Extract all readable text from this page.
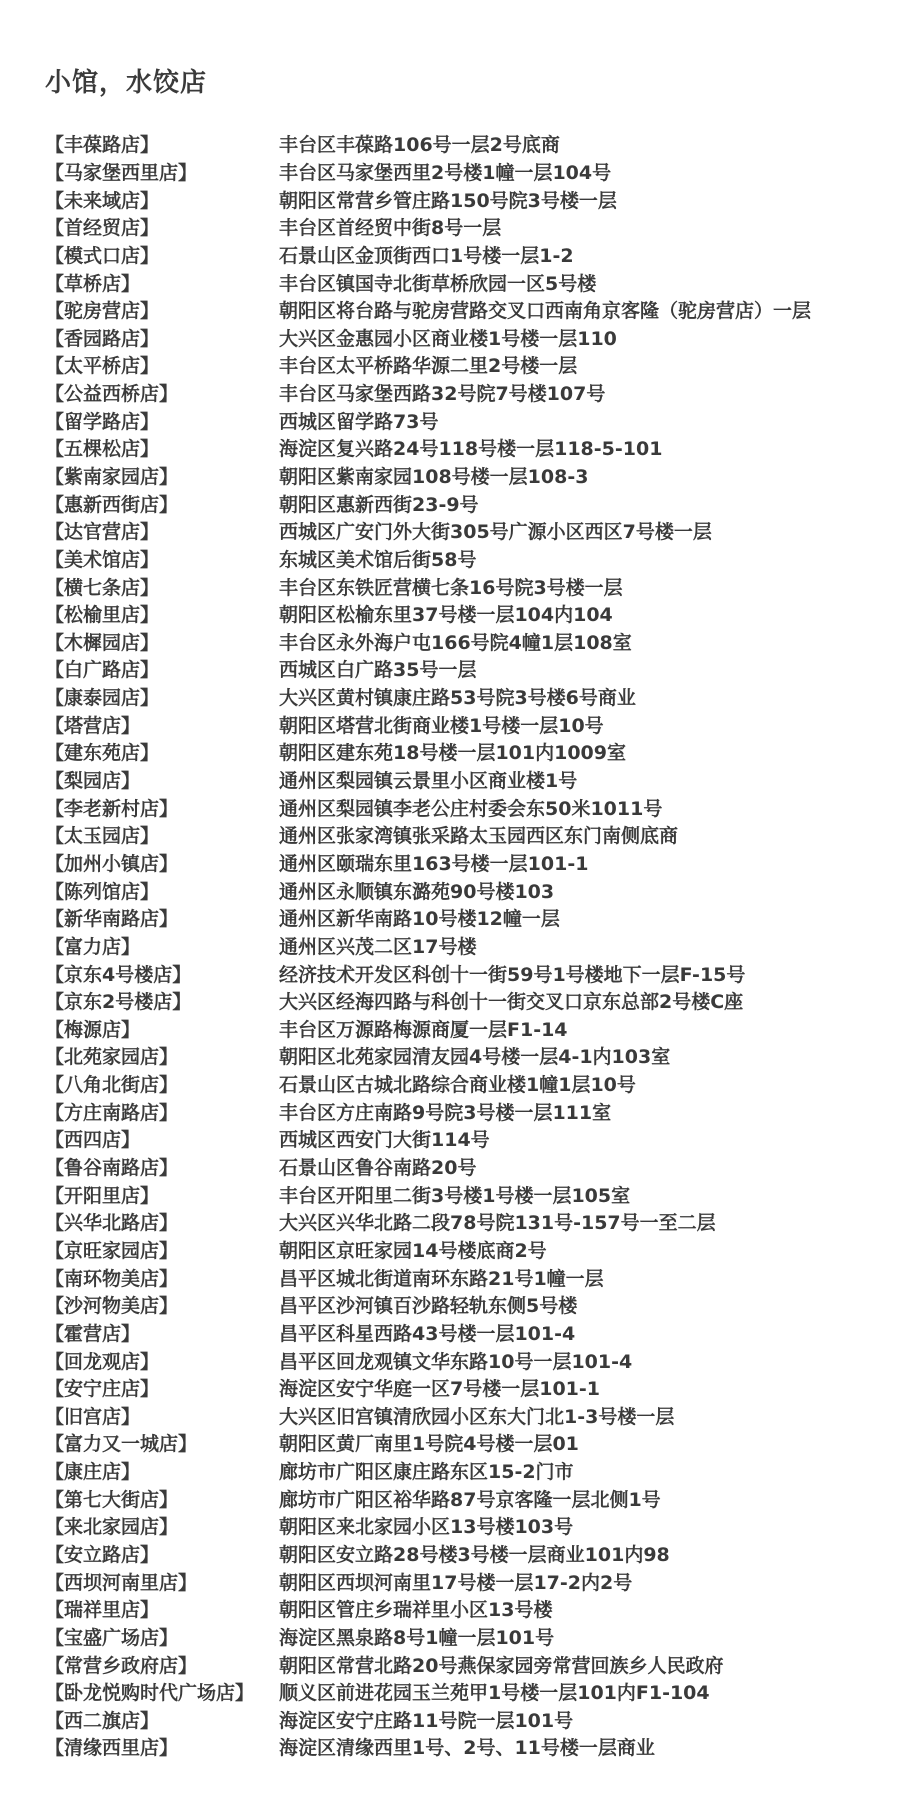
小馆，水饺店
【丰葆路店】	丰台区丰葆路106号一层2号底商
【马家堡西里店】	丰台区马家堡西里2号楼1幢一层104号
【未来域店】	朝阳区常营乡管庄路150号院3号楼一层
【首经贸店】	丰台区首经贸中街8号一层
【模式口店】	石景山区金顶街西口1号楼一层1-2
【草桥店】	丰台区镇国寺北街草桥欣园一区5号楼
【驼房营店】	朝阳区将台路与驼房营路交叉口西南角京客隆（驼房营店）一层
【香园路店】	大兴区金惠园小区商业楼1号楼一层110
【太平桥店】	丰台区太平桥路华源二里2号楼一层
【公益西桥店】	丰台区马家堡西路32号院7号楼107号
【留学路店】	西城区留学路73号
【五棵松店】	海淀区复兴路24号118号楼一层118-5-101
【紫南家园店】	朝阳区紫南家园108号楼一层108-3
【惠新西街店】	朝阳区惠新西街23-9号
【达官营店】	西城区广安门外大街305号广源小区西区7号楼一层
【美术馆店】	东城区美术馆后街58号
【横七条店】	丰台区东铁匠营横七条16号院3号楼一层
【松榆里店】	朝阳区松榆东里37号楼一层104内104
【木樨园店】	丰台区永外海户屯166号院4幢1层108室
【白广路店】	西城区白广路35号一层
【康泰园店】	大兴区黄村镇康庄路53号院3号楼6号商业
【塔营店】	朝阳区塔营北街商业楼1号楼一层10号
【建东苑店】	朝阳区建东苑18号楼一层101内1009室
【梨园店】	通州区梨园镇云景里小区商业楼1号
【李老新村店】	通州区梨园镇李老公庄村委会东50米1011号
【太玉园店】	通州区张家湾镇张采路太玉园西区东门南侧底商
【加州小镇店】	通州区颐瑞东里163号楼一层101-1
【陈列馆店】	通州区永顺镇东潞苑90号楼103
【新华南路店】	通州区新华南路10号楼12幢一层
【富力店】	通州区兴茂二区17号楼
【京东4号楼店】	经济技术开发区科创十一街59号1号楼地下一层F-15号
【京东2号楼店】	大兴区经海四路与科创十一街交叉口京东总部2号楼C座
【梅源店】	丰台区万源路梅源商厦一层F1-14
【北苑家园店】	朝阳区北苑家园清友园4号楼一层4-1内103室
【八角北街店】	石景山区古城北路综合商业楼1幢1层10号
【方庄南路店】	丰台区方庄南路9号院3号楼一层111室
【西四店】	西城区西安门大街114号
【鲁谷南路店】	石景山区鲁谷南路20号
【开阳里店】	丰台区开阳里二街3号楼1号楼一层105室
【兴华北路店】	大兴区兴华北路二段78号院131号-157号一至二层
【京旺家园店】	朝阳区京旺家园14号楼底商2号
【南环物美店】	昌平区城北街道南环东路21号1幢一层
【沙河物美店】	昌平区沙河镇百沙路轻轨东侧5号楼
【霍营店】	昌平区科星西路43号楼一层101-4
【回龙观店】	昌平区回龙观镇文华东路10号一层101-4
【安宁庄店】	海淀区安宁华庭一区7号楼一层101-1
【旧宫店】	大兴区旧宫镇清欣园小区东大门北1-3号楼一层
【富力又一城店】	朝阳区黄厂南里1号院4号楼一层01
【康庄店】	廊坊市广阳区康庄路东区15-2门市
【第七大街店】	廊坊市广阳区裕华路87号京客隆一层北侧1号
【来北家园店】	朝阳区来北家园小区13号楼103号
【安立路店】	朝阳区安立路28号楼3号楼一层商业101内98
【西坝河南里店】	朝阳区西坝河南里17号楼一层17-2内2号
【瑞祥里店】	朝阳区管庄乡瑞祥里小区13号楼
【宝盛广场店】	海淀区黑泉路8号1幢一层101号
【常营乡政府店】	朝阳区常营北路20号燕保家园旁常营回族乡人民政府
【卧龙悦购时代广场店】	顺义区前进花园玉兰苑甲1号楼一层101内F1-104
【西二旗店】	海淀区安宁庄路11号院一层101号
【清缘西里店】	海淀区清缘西里1号、2号、11号楼一层商业
